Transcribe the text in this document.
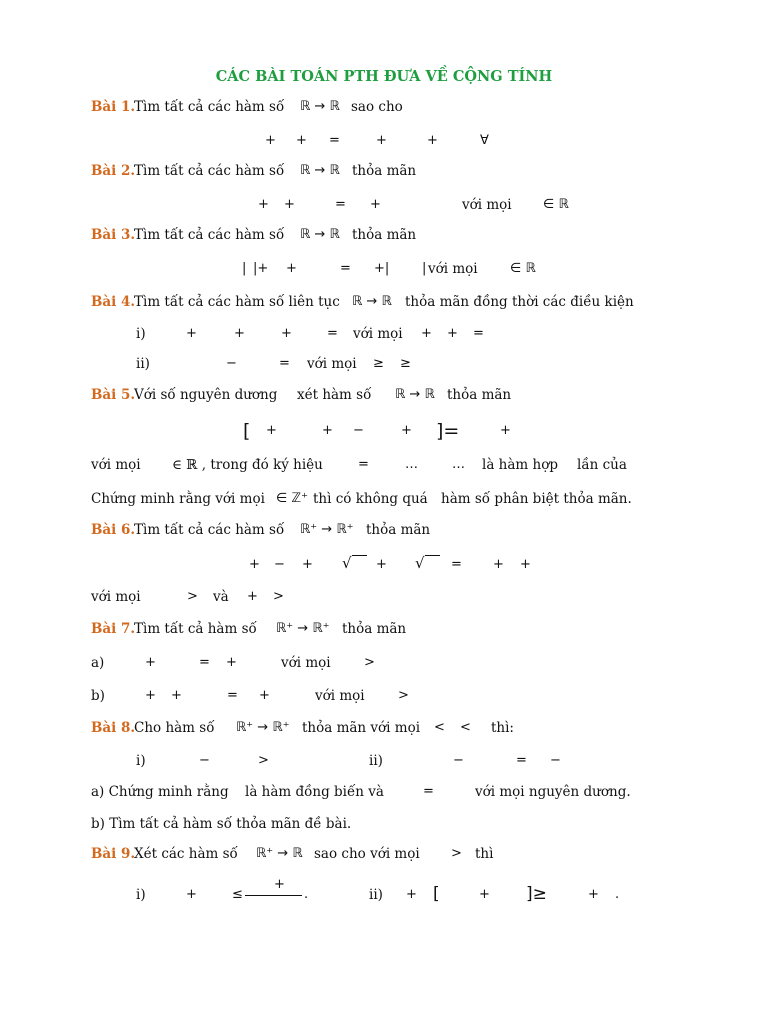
CÁC BÀI TOÁN PTH ĐƯA VỀ CỘNG TÍNH
Bài 1.
Tìm tất cả các hàm số ℝ → ℝ sao cho
+ + =	+	+	∀
Bài 2.
Tìm tất cả các hàm số ℝ → ℝ thỏa mãn
+ +	= +	với mọi ∈ ℝ
Bài 3.
Tìm tất cả các hàm số ℝ → ℝ thỏa mãn
| |+ +	= +|	| với mọi ∈ ℝ
Bài 4.
Tìm tất cả các hàm số liên tục ℝ → ℝ thỏa mãn đồng thời các điều kiện
i)	+	+	+	= với mọi + + =
ii)	−	= với mọi ≥ ≥
Bài 5.
Với số nguyên dương xét hàm số ℝ → ℝ thỏa mãn
[ +	+ −	+ ]=	+
với mọi ∈ ℝ , trong đó ký hiệu	=	…	… là hàm hợp lần của
Chứng minh rằng với mọi ∈ ℤ⁺ thì có không quá hàm số phân biệt thỏa mãn.
Bài 6.
Tìm tất cả các hàm số ℝ⁺ → ℝ⁺ thỏa mãn
+ − + √ + √ = + +
với mọi	> và + >
Bài 7.
Tìm tất cả hàm số ℝ⁺ → ℝ⁺ thỏa mãn
a)	+	= +	với mọi	>
b)	+ +	= +	với mọi	>
Bài 8.
Cho hàm số ℝ⁺ → ℝ⁺ thỏa mãn với mọi < < thì:
i)	−	>	ii)	−	= −
a) Chứng minh rằng là hàm đồng biến và	=	với mọi nguyên dương.
b) Tìm tất cả hàm số thỏa mãn đề bài.
Bài 9.
Xét các hàm số ℝ⁺ → ℝ sao cho với mọi > thì
i)	+	≤
+
.	ii) + [	+ ]≥	+ .
